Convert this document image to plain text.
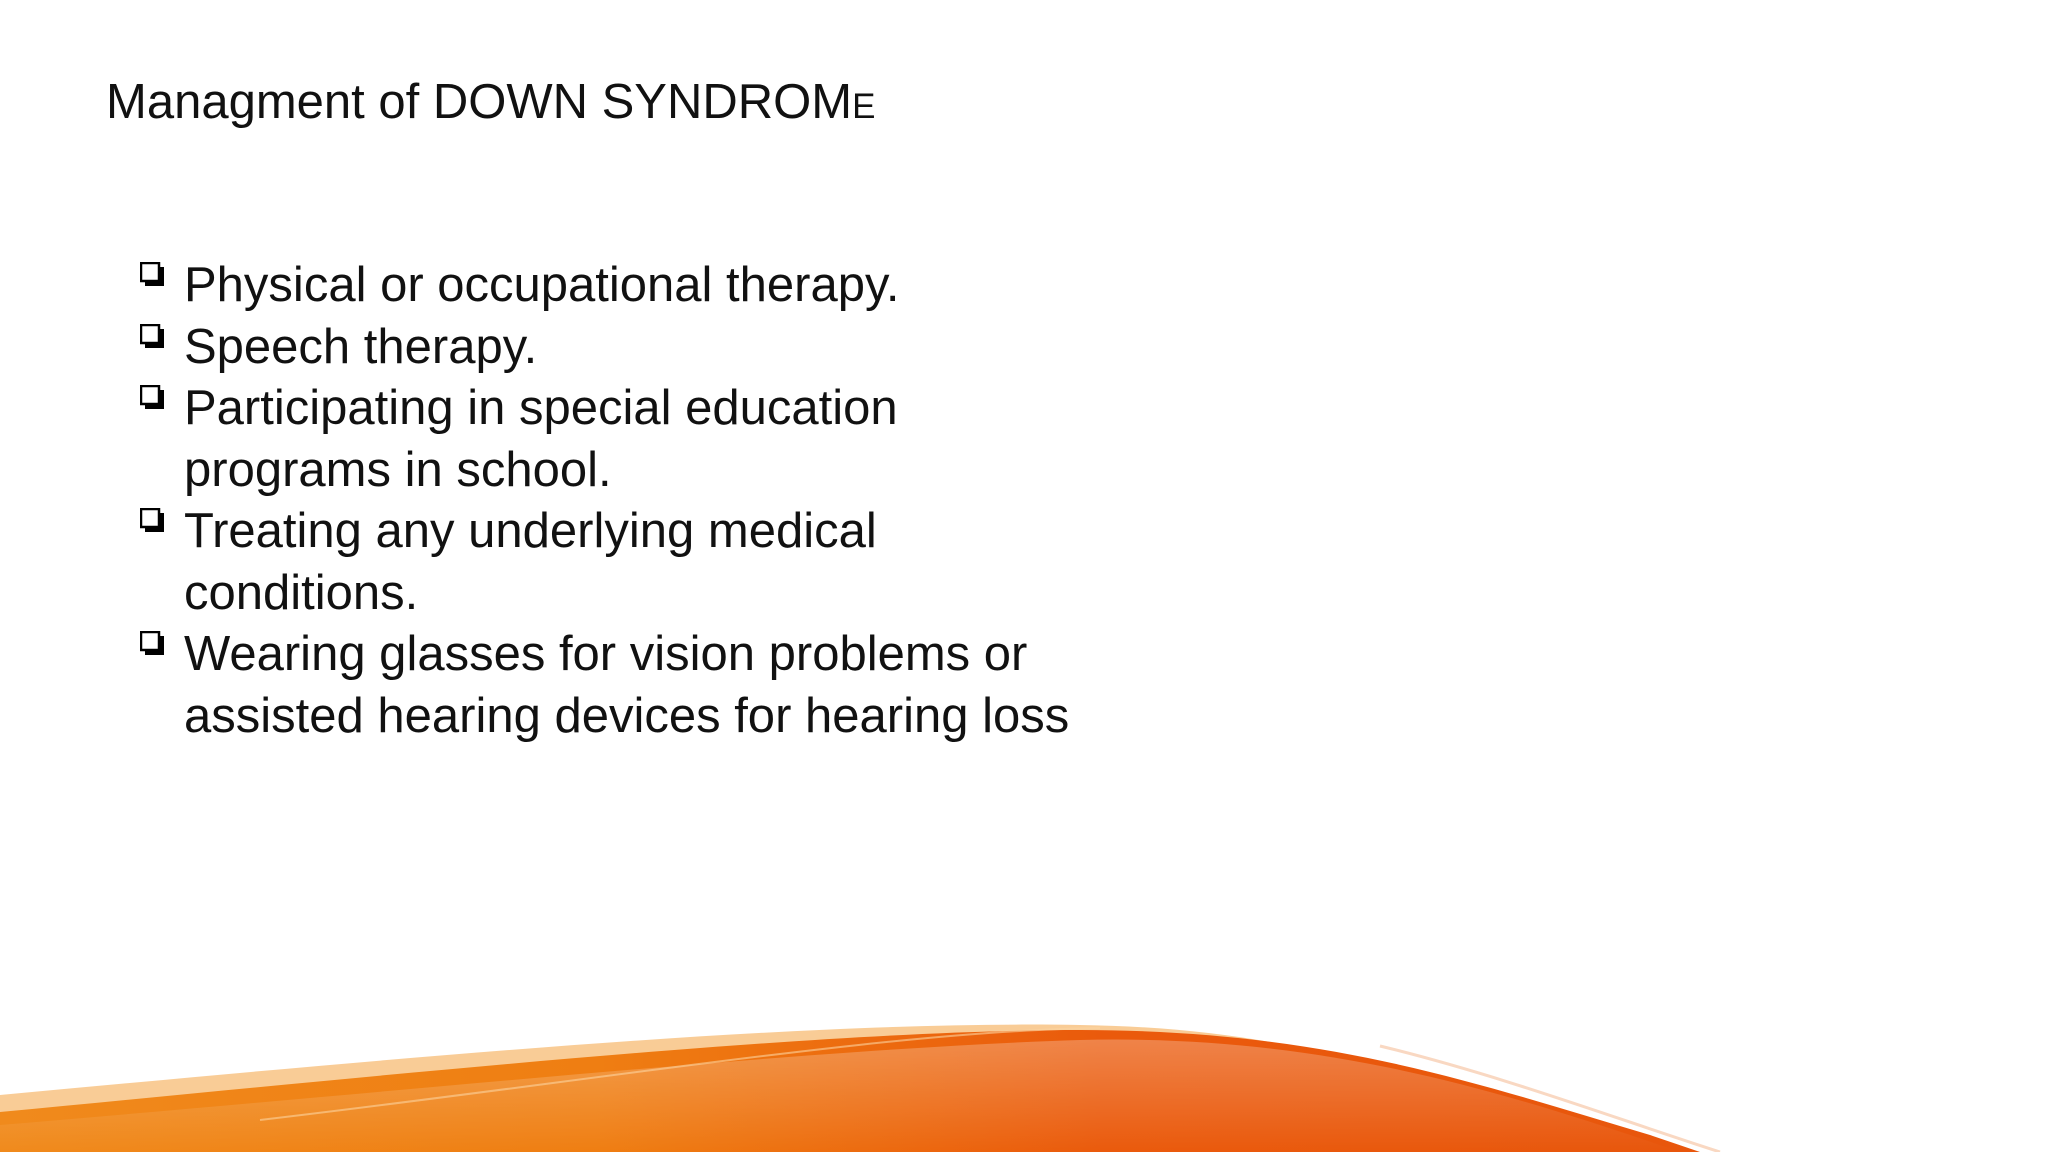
Managment of DOWN SYNDROME
Physical or occupational therapy.
Speech therapy.
Participating in special education programs in school.
Treating any underlying medical conditions.
Wearing glasses for vision problems or assisted hearing devices for hearing loss
